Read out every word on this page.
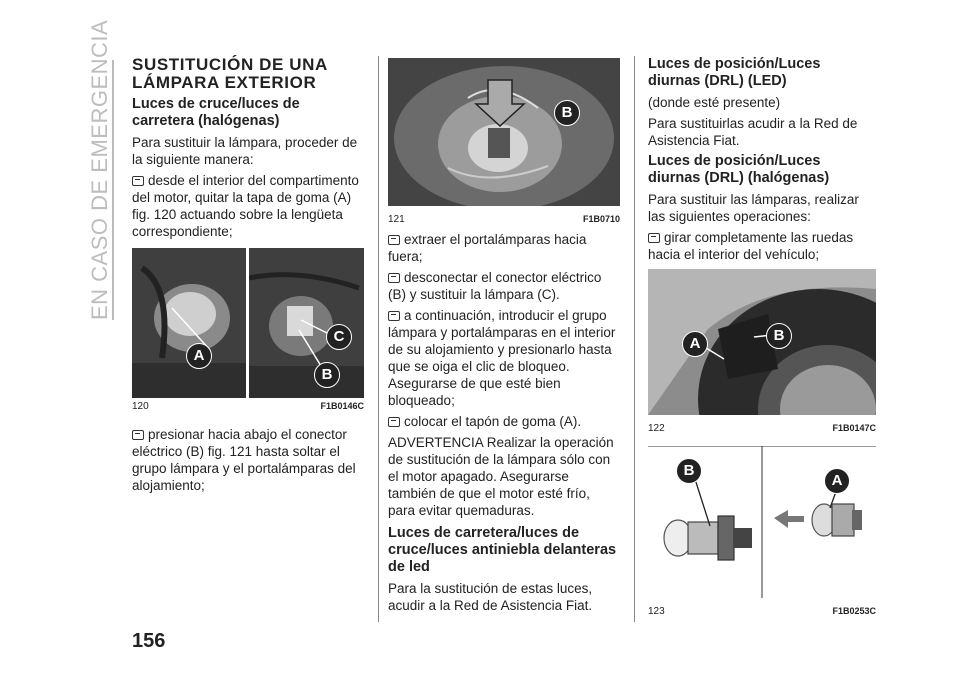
EN CASO DE EMERGENCIA SUSTITUCIÓN DE UNA LÁMPARA EXTERIOR
Luces de cruce/luces de carretera (halógenas)

Para sustituir la lámpara, proceder de la siguiente manera:

desde el interior del compartimento del motor, quitar la tapa de goma (A) fig. 120 actuando sobre la lengüeta correspondiente;

A
C
B
120	F1B0146C

presionar hacia abajo el conector eléctrico (B) fig. 121 hasta soltar el grupo lámpara y el portalámparas del alojamiento;

B
121	F1B0710

extraer el portalámparas hacia fuera;

desconectar el conector eléctrico (B) y sustituir la lámpara (C).

a continuación, introducir el grupo lámpara y portalámparas en el interior de su alojamiento y presionarlo hasta que se oiga el clic de bloqueo. Asegurarse de que esté bien bloqueado;

colocar el tapón de goma (A).

ADVERTENCIA Realizar la operación de sustitución de la lámpara sólo con el motor apagado. Asegurarse también de que el motor esté frío, para evitar quemaduras.

Luces de carretera/luces de cruce/luces antiniebla delanteras de led

Para la sustitución de estas luces, acudir a la Red de Asistencia Fiat.

Luces de posición/Luces diurnas (DRL) (LED)

(donde esté presente)

Para sustituirlas acudir a la Red de Asistencia Fiat.

Luces de posición/Luces diurnas (DRL) (halógenas)

Para sustituir las lámparas, realizar las siguientes operaciones:

girar completamente las ruedas hacia el interior del vehículo;

A	B
122	F1B0147C
B
A
123	F1B0253C
156
